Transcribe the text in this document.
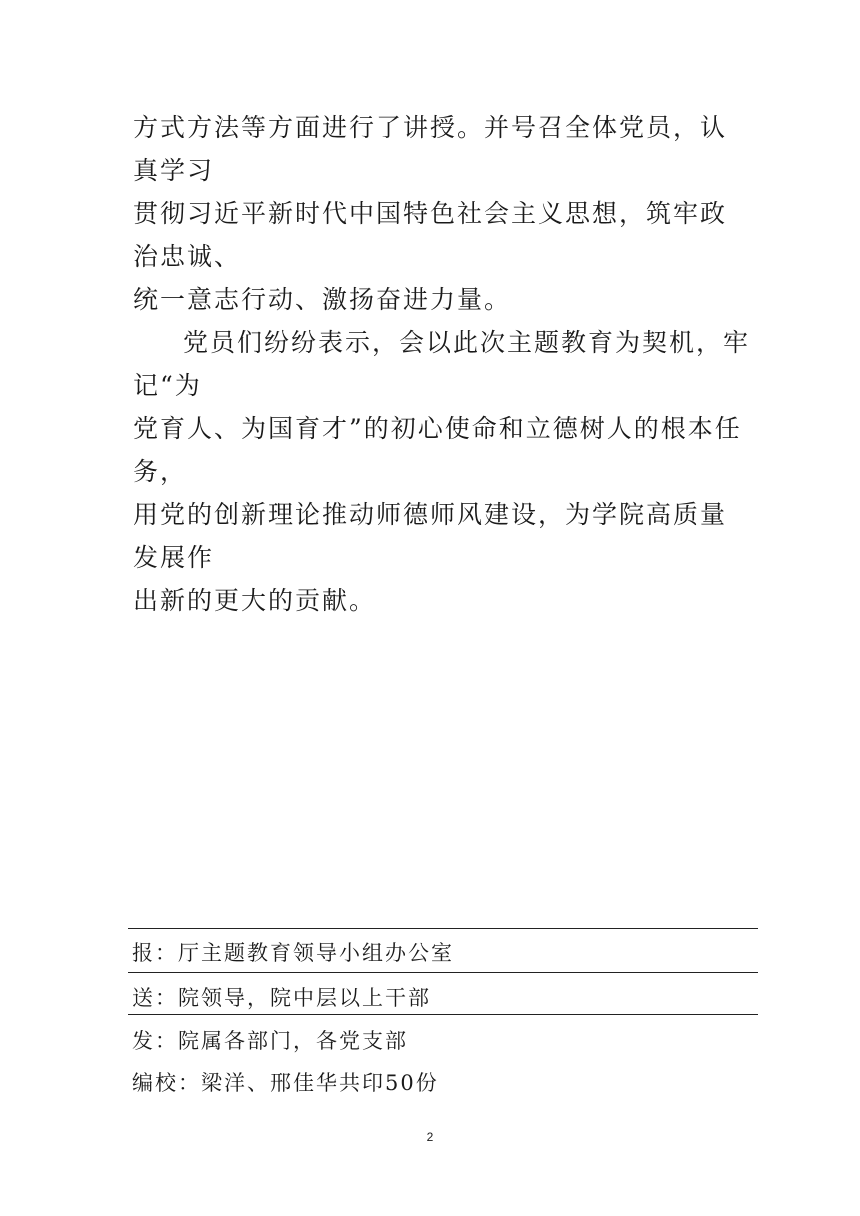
方式方法等方面进行了讲授。并号召全体党员，认真学习
贯彻习近平新时代中国特色社会主义思想，筑牢政治忠诚、
统一意志行动、激扬奋进力量。

党员们纷纷表示，会以此次主题教育为契机，牢记“为
党育人、为国育才”的初心使命和立德树人的根本任务，
用党的创新理论推动师德师风建设，为学院高质量发展作
出新的更大的贡献。

报：厅主题教育领导小组办公室
送：院领导，院中层以上干部
发：院属各部门，各党支部
编校：梁洋、邢佳华共印50份
2
